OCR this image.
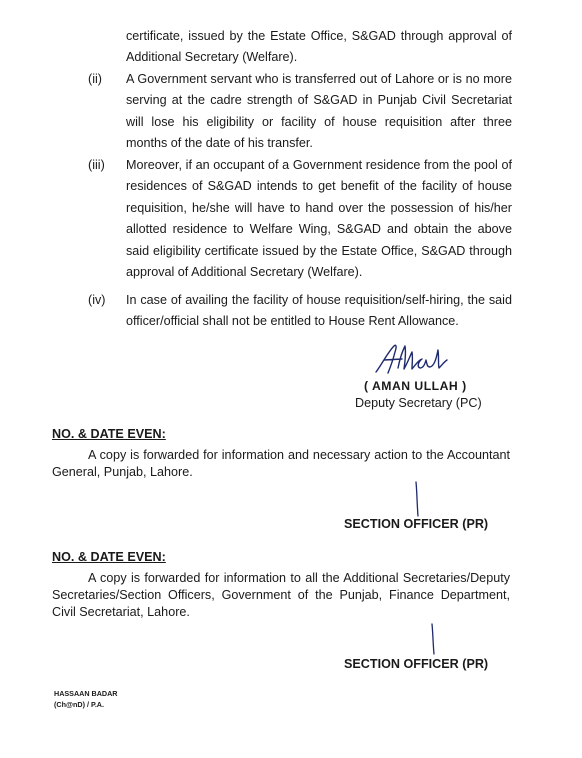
certificate, issued by the Estate Office, S&GAD through approval of Additional Secretary (Welfare).
(ii) A Government servant who is transferred out of Lahore or is no more serving at the cadre strength of S&GAD in Punjab Civil Secretariat will lose his eligibility or facility of house requisition after three months of the date of his transfer.
(iii) Moreover, if an occupant of a Government residence from the pool of residences of S&GAD intends to get benefit of the facility of house requisition, he/she will have to hand over the possession of his/her allotted residence to Welfare Wing, S&GAD and obtain the above said eligibility certificate issued by the Estate Office, S&GAD through approval of Additional Secretary (Welfare).
(iv) In case of availing the facility of house requisition/self-hiring, the said officer/official shall not be entitled to House Rent Allowance.
( AMAN ULLAH )
Deputy Secretary (PC)
NO. & DATE EVEN:
A copy is forwarded for information and necessary action to the Accountant General, Punjab, Lahore.
SECTION OFFICER (PR)
NO. & DATE EVEN:
A copy is forwarded for information to all the Additional Secretaries/Deputy Secretaries/Section Officers, Government of the Punjab, Finance Department, Civil Secretariat, Lahore.
SECTION OFFICER (PR)
HASSAAN BADAR
(Ch@nD) / P.A.
